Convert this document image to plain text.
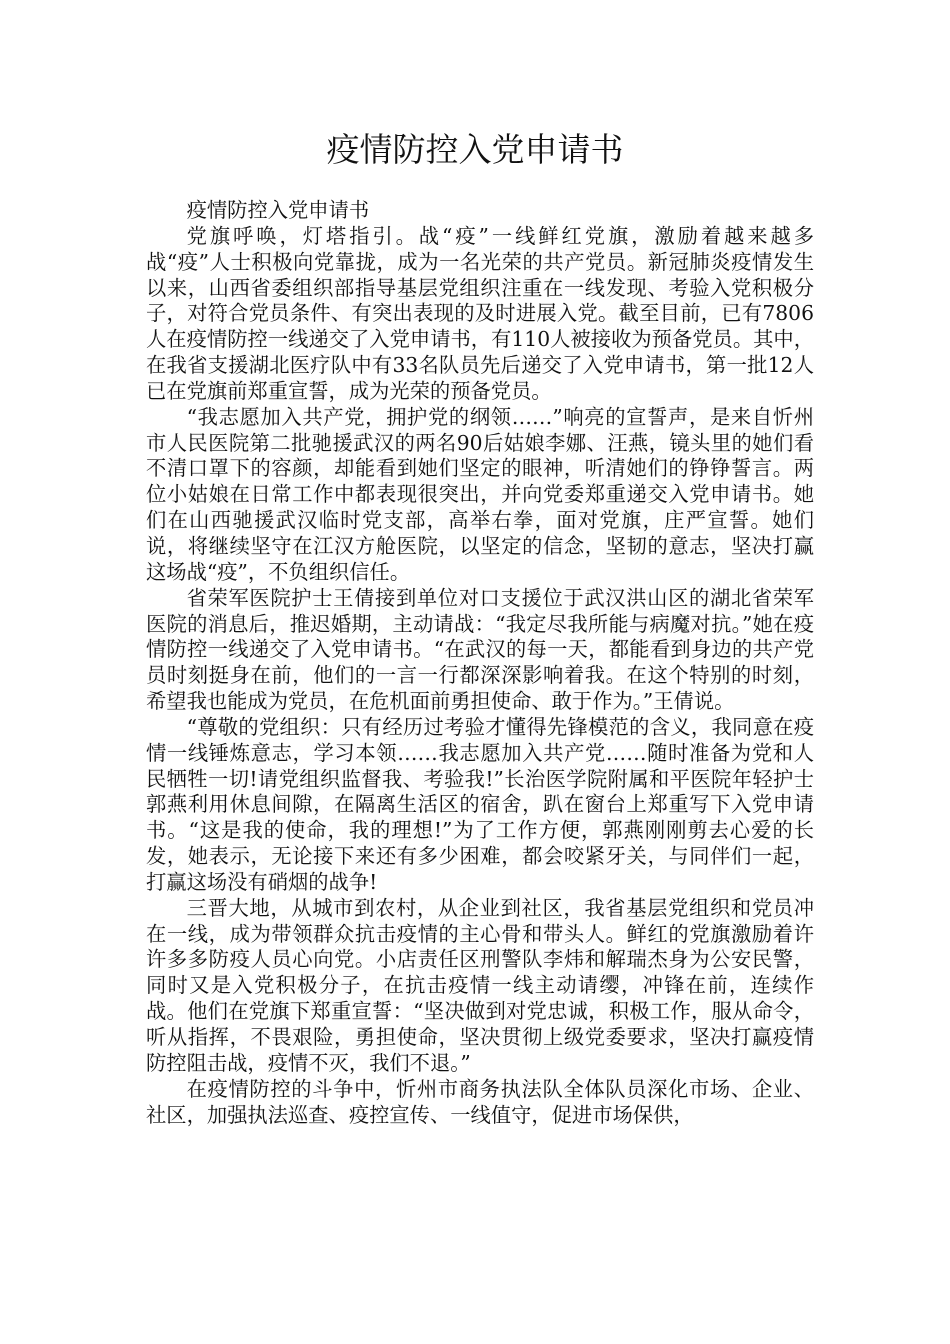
疫情防控入党申请书

疫情防控入党申请书

党旗呼唤，灯塔指引。战“疫”一线鲜红党旗，激励着越来越多战“疫”人士积极向党靠拢，成为一名光荣的共产党员。新冠肺炎疫情发生以来，山西省委组织部指导基层党组织注重在一线发现、考验入党积极分子，对符合党员条件、有突出表现的及时进展入党。截至目前，已有7806人在疫情防控一线递交了入党申请书，有110人被接收为预备党员。其中，在我省支援湖北医疗队中有33名队员先后递交了入党申请书，第一批12人已在党旗前郑重宣誓，成为光荣的预备党员。

“我志愿加入共产党，拥护党的纲领……”响亮的宣誓声，是来自忻州市人民医院第二批驰援武汉的两名90后姑娘李娜、汪燕，镜头里的她们看不清口罩下的容颜，却能看到她们坚定的眼神，听清她们的铮铮誓言。两位小姑娘在日常工作中都表现很突出，并向党委郑重递交入党申请书。她们在山西驰援武汉临时党支部，高举右拳，面对党旗，庄严宣誓。她们说，将继续坚守在江汉方舱医院，以坚定的信念，坚韧的意志，坚决打赢这场战“疫”，不负组织信任。

省荣军医院护士王倩接到单位对口支援位于武汉洪山区的湖北省荣军医院的消息后，推迟婚期，主动请战：“我定尽我所能与病魔对抗。”她在疫情防控一线递交了入党申请书。“在武汉的每一天，都能看到身边的共产党员时刻挺身在前，他们的一言一行都深深影响着我。在这个特别的时刻，希望我也能成为党员，在危机面前勇担使命、敢于作为。”王倩说。

“尊敬的党组织：只有经历过考验才懂得先锋模范的含义，我同意在疫情一线锤炼意志，学习本领……我志愿加入共产党……随时准备为党和人民牺牲一切!请党组织监督我、考验我!”长治医学院附属和平医院年轻护士郭燕利用休息间隙，在隔离生活区的宿舍，趴在窗台上郑重写下入党申请书。“这是我的使命，我的理想!”为了工作方便，郭燕刚刚剪去心爱的长发，她表示，无论接下来还有多少困难，都会咬紧牙关，与同伴们一起，打赢这场没有硝烟的战争!

三晋大地，从城市到农村，从企业到社区，我省基层党组织和党员冲在一线，成为带领群众抗击疫情的主心骨和带头人。鲜红的党旗激励着许许多多防疫人员心向党。小店责任区刑警队李炜和解瑞杰身为公安民警，同时又是入党积极分子，在抗击疫情一线主动请缨，冲锋在前，连续作战。他们在党旗下郑重宣誓：“坚决做到对党忠诚，积极工作，服从命令，听从指挥，不畏艰险，勇担使命，坚决贯彻上级党委要求，坚决打赢疫情防控阻击战，疫情不灭，我们不退。”

在疫情防控的斗争中，忻州市商务执法队全体队员深化市场、企业、社区，加强执法巡查、疫控宣传、一线值守，促进市场保供，
